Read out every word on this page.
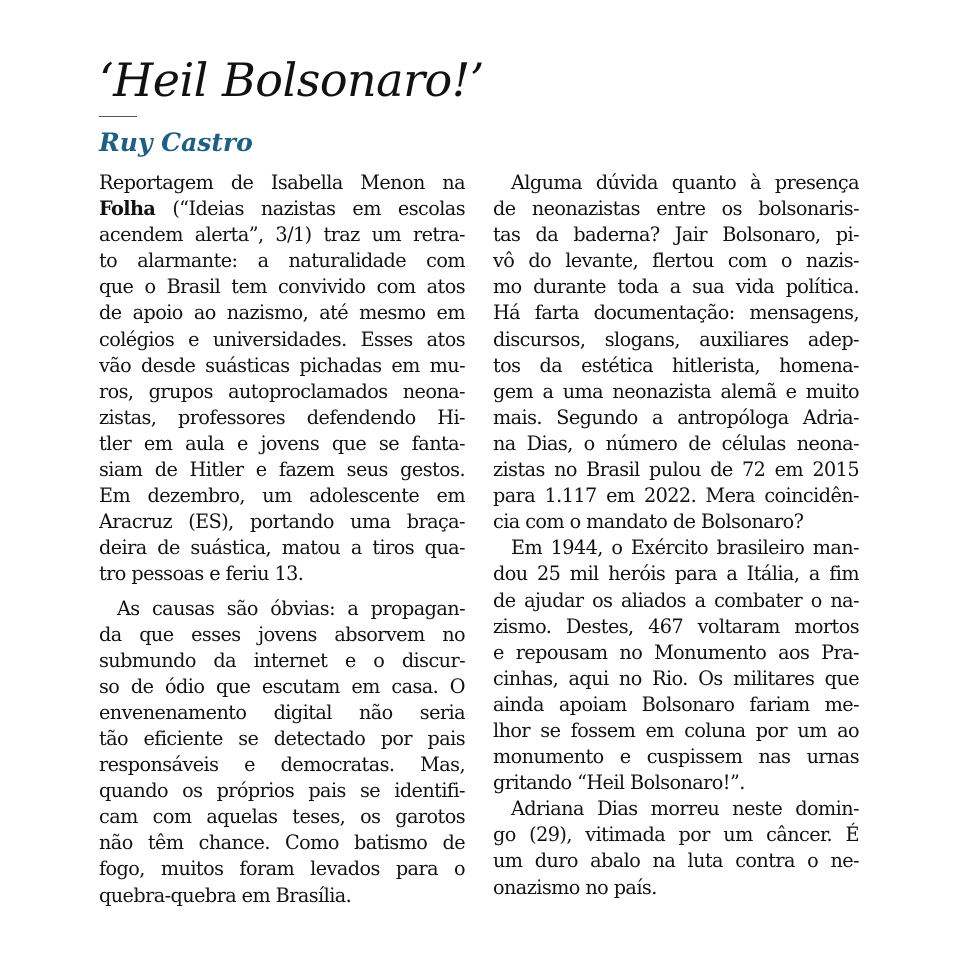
‘Heil Bolsonaro!’
Ruy Castro
Reportagem de Isabella Menon na
Folha (“Ideias nazistas em escolas
acendem alerta”, 3/1) traz um retra-
to alarmante: a naturalidade com
que o Brasil tem convivido com atos
de apoio ao nazismo, até mesmo em
colégios e universidades. Esses atos
vão desde suásticas pichadas em mu-
ros, grupos autoproclamados neona-
zistas, professores defendendo Hi-
tler em aula e jovens que se fanta-
siam de Hitler e fazem seus gestos.
Em dezembro, um adolescente em
Aracruz (ES), portando uma braça-
deira de suástica, matou a tiros qua-
tro pessoas e feriu 13.
As causas são óbvias: a propagan-
da que esses jovens absorvem no
submundo da internet e o discur-
so de ódio que escutam em casa. O
envenenamento digital não seria
tão eficiente se detectado por pais
responsáveis e democratas. Mas,
quando os próprios pais se identifi-
cam com aquelas teses, os garotos
não têm chance. Como batismo de
fogo, muitos foram levados para o
quebra-quebra em Brasília.
Alguma dúvida quanto à presença
de neonazistas entre os bolsonaris-
tas da baderna? Jair Bolsonaro, pi-
vô do levante, flertou com o nazis-
mo durante toda a sua vida política.
Há farta documentação: mensagens,
discursos, slogans, auxiliares adep-
tos da estética hitlerista, homena-
gem a uma neonazista alemã e muito
mais. Segundo a antropóloga Adria-
na Dias, o número de células neona-
zistas no Brasil pulou de 72 em 2015
para 1.117 em 2022. Mera coincidên-
cia com o mandato de Bolsonaro?
Em 1944, o Exército brasileiro man-
dou 25 mil heróis para a Itália, a fim
de ajudar os aliados a combater o na-
zismo. Destes, 467 voltaram mortos
e repousam no Monumento aos Pra-
cinhas, aqui no Rio. Os militares que
ainda apoiam Bolsonaro fariam me-
lhor se fossem em coluna por um ao
monumento e cuspissem nas urnas
gritando “Heil Bolsonaro!”.
Adriana Dias morreu neste domin-
go (29), vitimada por um câncer. É
um duro abalo na luta contra o ne-
onazismo no país.
